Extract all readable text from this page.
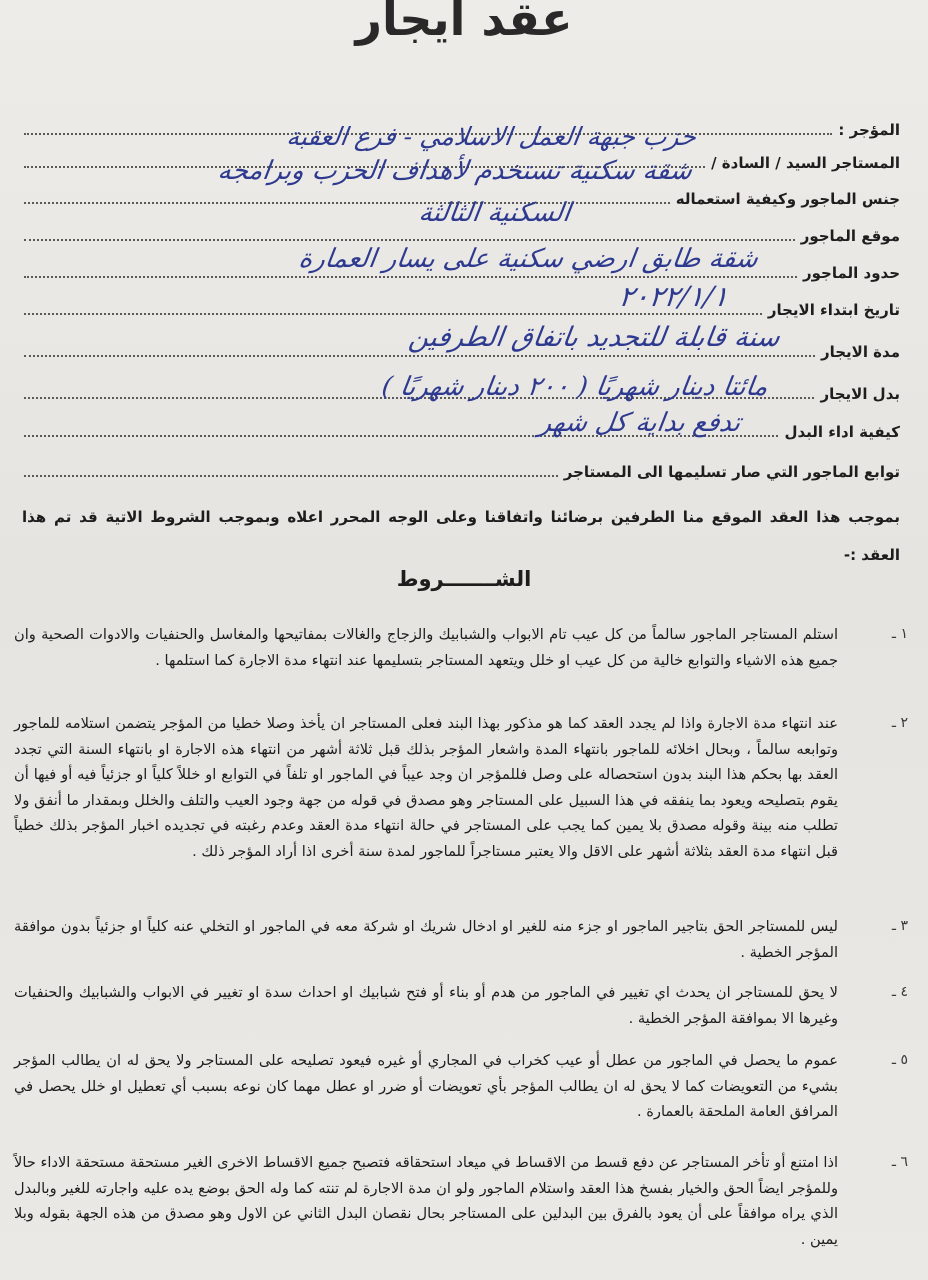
عقد ايجار
المؤجر :
المستاجر السيد / السادة /
حزب جبهة العمل الاسلامي - فرع العقبة
جنس الماجور وكيفية استعماله
شقة سكنية تستخدم لأهداف الحزب وبرامجه
موقع الماجور
السكنية الثالثة
حدود الماجور
شقة طابق ارضي سكنية على يسار العمارة
تاريخ ابتداء الايجار
٢٠٢٢/١/١
مدة الايجار
سنة قابلة للتجديد باتفاق الطرفين
بدل الايجار
مائتا دينار شهريًا ( ٢٠٠ دينار شهريًا )
كيفية اداء البدل
تدفع بداية كل شهر
توابع الماجور التي صار تسليمها الى المستاجر
بموجب هذا العقد الموقع منا الطرفين برضائنا واتفاقنا وعلى الوجه المحرر اعلاه وبموجب الشروط الاتية قد تم هذا العقد :-
الشـــــــروط
١ ـ
استلم المستاجر الماجور سالماً من كل عيب تام الابواب والشبابيك والزجاج والغالات بمفاتيحها والمغاسل والحنفيات والادوات الصحية وان جميع هذه الاشياء والتوابع خالية من كل عيب او خلل ويتعهد المستاجر بتسليمها عند انتهاء مدة الاجارة كما استلمها .
٢ ـ
عند انتهاء مدة الاجارة واذا لم يجدد العقد كما هو مذكور بهذا البند فعلى المستاجر ان يأخذ وصلا خطيا من المؤجر يتضمن استلامه للماجور وتوابعه سالماً ، وبحال اخلائه للماجور بانتهاء المدة واشعار المؤجر بذلك قبل ثلاثة أشهر من انتهاء هذه الاجارة او بانتهاء السنة التي تجدد العقد بها بحكم هذا البند بدون استحصاله على وصل فللمؤجر ان وجد عيباً في الماجور او تلفاً في التوابع او خللاً كلياً او جزئياً فيه أو فيها أن يقوم بتصليحه ويعود بما ينفقه في هذا السبيل على المستاجر وهو مصدق في قوله من جهة وجود العيب والتلف والخلل وبمقدار ما أنفق ولا تطلب منه بينة وقوله مصدق بلا يمين كما يجب على المستاجر في حالة انتهاء مدة العقد وعدم رغبته في تجديده اخبار المؤجر بذلك خطياً قبل انتهاء مدة العقد بثلاثة أشهر على الاقل والا يعتبر مستاجراً للماجور لمدة سنة أخرى اذا أراد المؤجر ذلك .
٣ ـ
ليس للمستاجر الحق بتاجير الماجور او جزء منه للغير او ادخال شريك او شركة معه في الماجور او التخلي عنه كلياً او جزئياً بدون موافقة المؤجر الخطية .
٤ ـ
لا يحق للمستاجر ان يحدث اي تغيير في الماجور من هدم أو بناء أو فتح شبابيك او احداث سدة او تغيير في الابواب والشبابيك والحنفيات وغيرها الا بموافقة المؤجر الخطية .
٥ ـ
عموم ما يحصل في الماجور من عطل أو عيب كخراب في المجاري أو غيره فيعود تصليحه على المستاجر ولا يحق له ان يطالب المؤجر بشيء من التعويضات كما لا يحق له ان يطالب المؤجر بأي تعويضات أو ضرر او عطل مهما كان نوعه بسبب أي تعطيل او خلل يحصل في المرافق العامة الملحقة بالعمارة .
٦ ـ
اذا امتنع أو تأخر المستاجر عن دفع قسط من الاقساط في ميعاد استحقاقه فتصبح جميع الاقساط الاخرى الغير مستحقة مستحقة الاداء حالاً وللمؤجر ايضاً الحق والخيار بفسخ هذا العقد واستلام الماجور ولو ان مدة الاجارة لم تنته كما وله الحق بوضع يده عليه واجارته للغير وبالبدل الذي يراه موافقاً على أن يعود بالفرق بين البدلين على المستاجر بحال نقصان البدل الثاني عن الاول وهو مصدق من هذه الجهة بقوله وبلا يمين .
